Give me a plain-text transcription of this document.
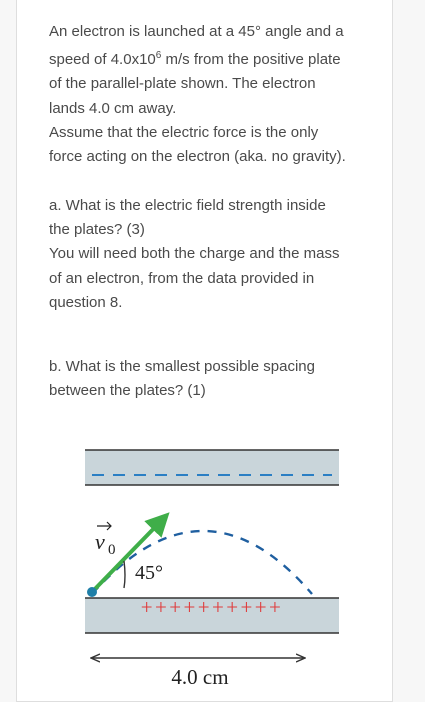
An electron is launched at a 45° angle and a

speed of $4.0x10^6$ m/s from the positive plate

of the parallel-plate shown. The electron

lands 4.0 cm away.

Assume that the electric force is the only

force acting on the electron (aka. no gravity).

a. What is the electric field strength inside

the plates? (3)

You will need both the charge and the mass

of an electron, from the data provided in

question 8.

b. What is the smallest possible spacing

between the plates? (1)

v 0
45°
++++++++++
4.0 cm
